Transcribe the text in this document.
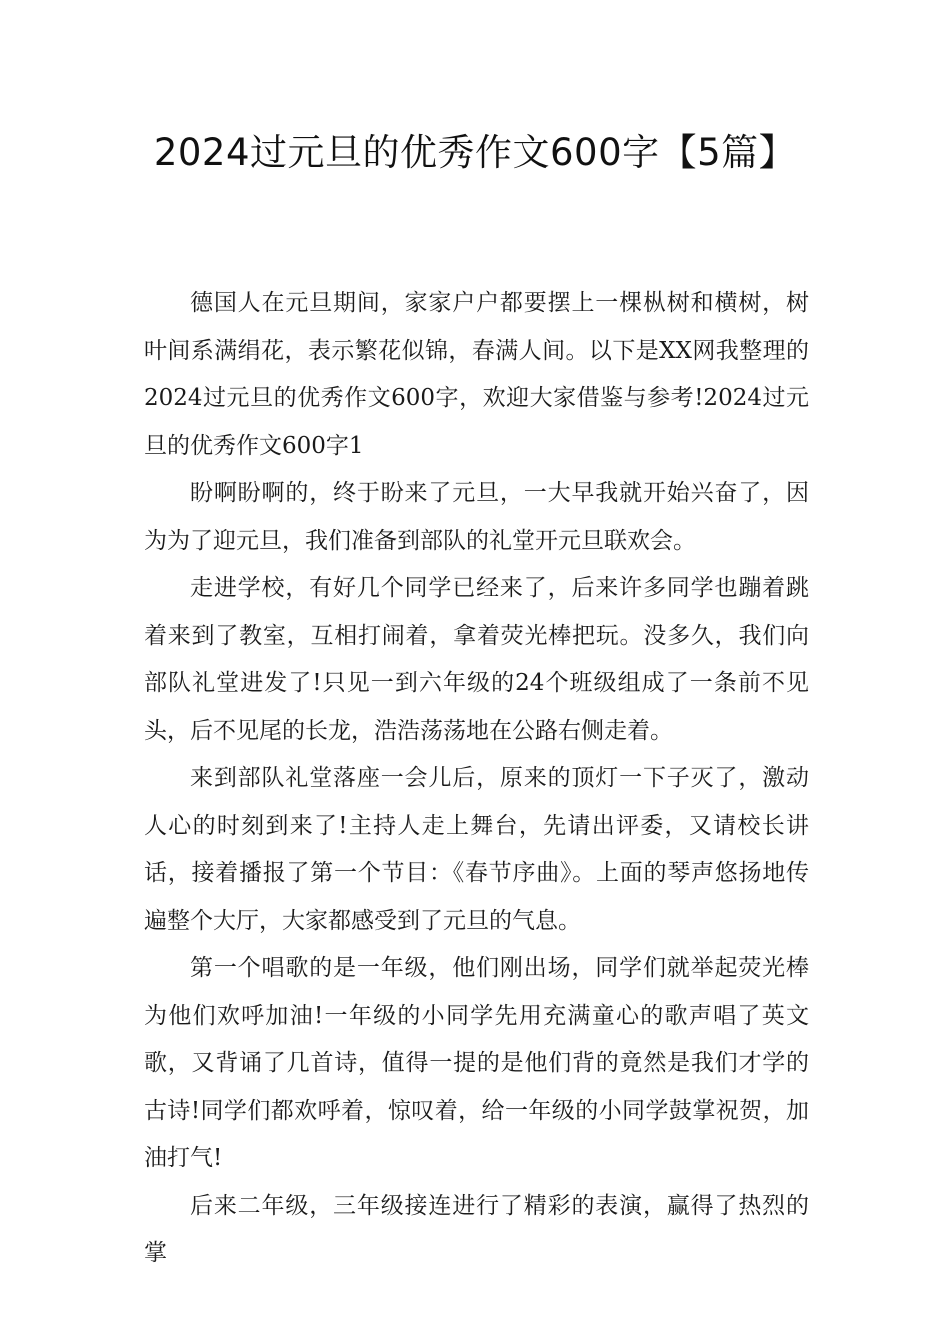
2024过元旦的优秀作文600字【5篇】

德国人在元旦期间，家家户户都要摆上一棵枞树和横树，树叶间系满绢花，表示繁花似锦，春满人间。以下是XX网我整理的2024过元旦的优秀作文600字，欢迎大家借鉴与参考!2024过元旦的优秀作文600字1

盼啊盼啊的，终于盼来了元旦，一大早我就开始兴奋了，因为为了迎元旦，我们准备到部队的礼堂开元旦联欢会。

走进学校，有好几个同学已经来了，后来许多同学也蹦着跳着来到了教室，互相打闹着，拿着荧光棒把玩。没多久，我们向部队礼堂进发了!只见一到六年级的24个班级组成了一条前不见头，后不见尾的长龙，浩浩荡荡地在公路右侧走着。

来到部队礼堂落座一会儿后，原来的顶灯一下子灭了，激动人心的时刻到来了!主持人走上舞台，先请出评委，又请校长讲话，接着播报了第一个节目：《春节序曲》。上面的琴声悠扬地传遍整个大厅，大家都感受到了元旦的气息。

第一个唱歌的是一年级，他们刚出场，同学们就举起荧光棒为他们欢呼加油!一年级的小同学先用充满童心的歌声唱了英文歌，又背诵了几首诗，值得一提的是他们背的竟然是我们才学的古诗!同学们都欢呼着，惊叹着，给一年级的小同学鼓掌祝贺，加油打气!

后来二年级，三年级接连进行了精彩的表演，赢得了热烈的掌
